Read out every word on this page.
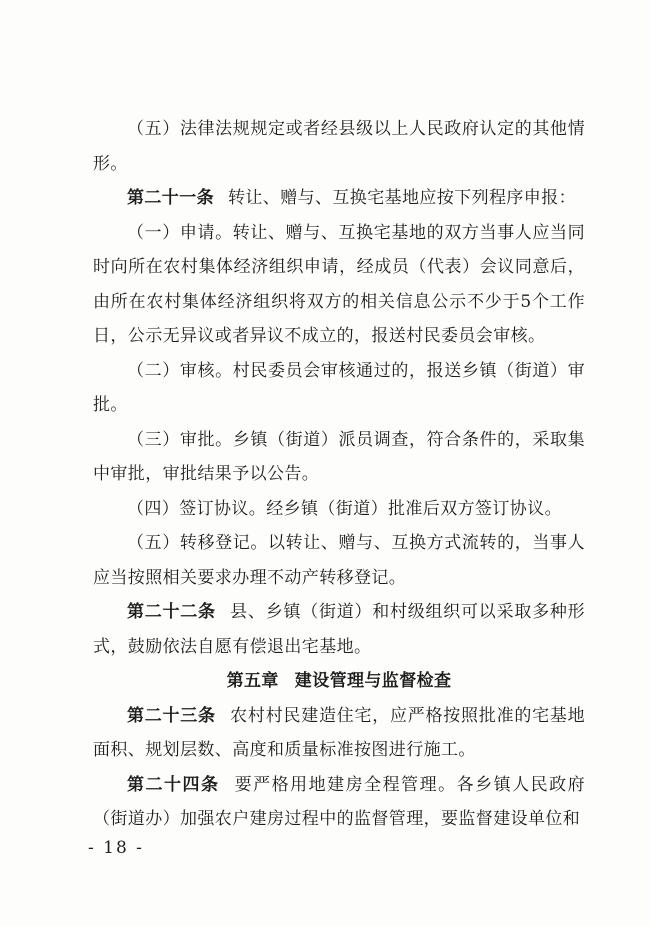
（五）法律法规规定或者经县级以上人民政府认定的其他情形。

第二十一条 转让、赠与、互换宅基地应按下列程序申报：

（一）申请。转让、赠与、互换宅基地的双方当事人应当同时向所在农村集体经济组织申请，经成员（代表）会议同意后，由所在农村集体经济组织将双方的相关信息公示不少于5个工作日，公示无异议或者异议不成立的，报送村民委员会审核。

（二）审核。村民委员会审核通过的，报送乡镇（街道）审批。

（三）审批。乡镇（街道）派员调查，符合条件的，采取集中审批，审批结果予以公告。

（四）签订协议。经乡镇（街道）批准后双方签订协议。

（五）转移登记。以转让、赠与、互换方式流转的，当事人应当按照相关要求办理不动产转移登记。

第二十二条 县、乡镇（街道）和村级组织可以采取多种形式，鼓励依法自愿有偿退出宅基地。

第五章 建设管理与监督检查

第二十三条 农村村民建造住宅，应严格按照批准的宅基地面积、规划层数、高度和质量标准按图进行施工。

第二十四条 要严格用地建房全程管理。各乡镇人民政府（街道办）加强农户建房过程中的监督管理，要监督建设单位和

- 18 -
